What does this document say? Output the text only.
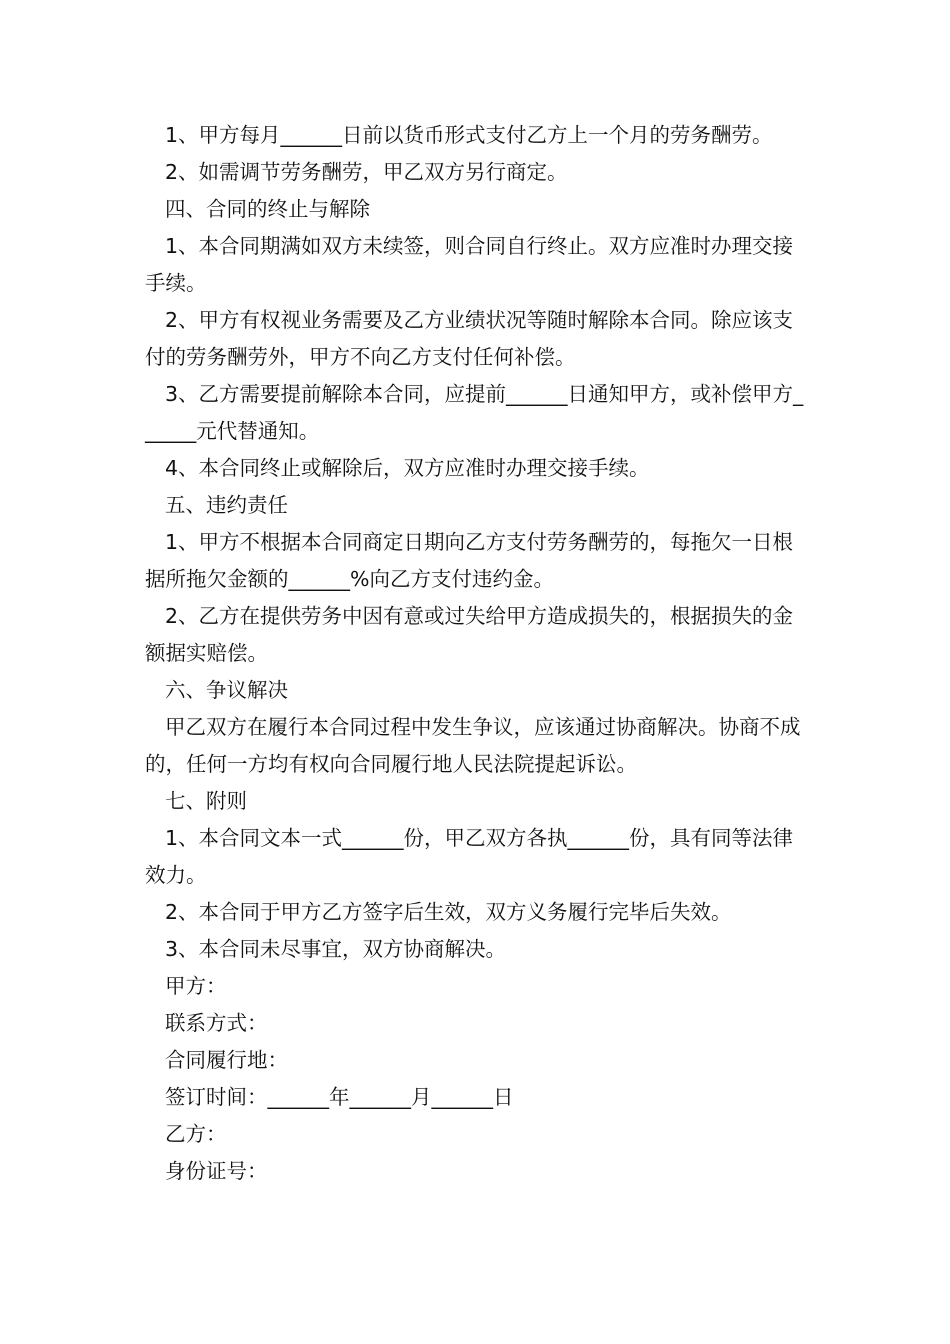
1、甲方每月______日前以货币形式支付乙方上一个月的劳务酬劳。

2、如需调节劳务酬劳，甲乙双方另行商定。

四、合同的终止与解除

1、本合同期满如双方未续签，则合同自行终止。双方应准时办理交接手续。

2、甲方有权视业务需要及乙方业绩状况等随时解除本合同。除应该支付的劳务酬劳外，甲方不向乙方支付任何补偿。

3、乙方需要提前解除本合同，应提前______日通知甲方，或补偿甲方______元代替通知。

4、本合同终止或解除后，双方应准时办理交接手续。

五、违约责任

1、甲方不根据本合同商定日期向乙方支付劳务酬劳的，每拖欠一日根据所拖欠金额的______%向乙方支付违约金。

2、乙方在提供劳务中因有意或过失给甲方造成损失的，根据损失的金额据实赔偿。

六、争议解决

甲乙双方在履行本合同过程中发生争议，应该通过协商解决。协商不成的，任何一方均有权向合同履行地人民法院提起诉讼。

七、附则

1、本合同文本一式______份，甲乙双方各执______份，具有同等法律效力。

2、本合同于甲方乙方签字后生效，双方义务履行完毕后失效。

3、本合同未尽事宜，双方协商解决。

甲方：

联系方式：

合同履行地：

签订时间：______年______月______日

乙方：

身份证号：
